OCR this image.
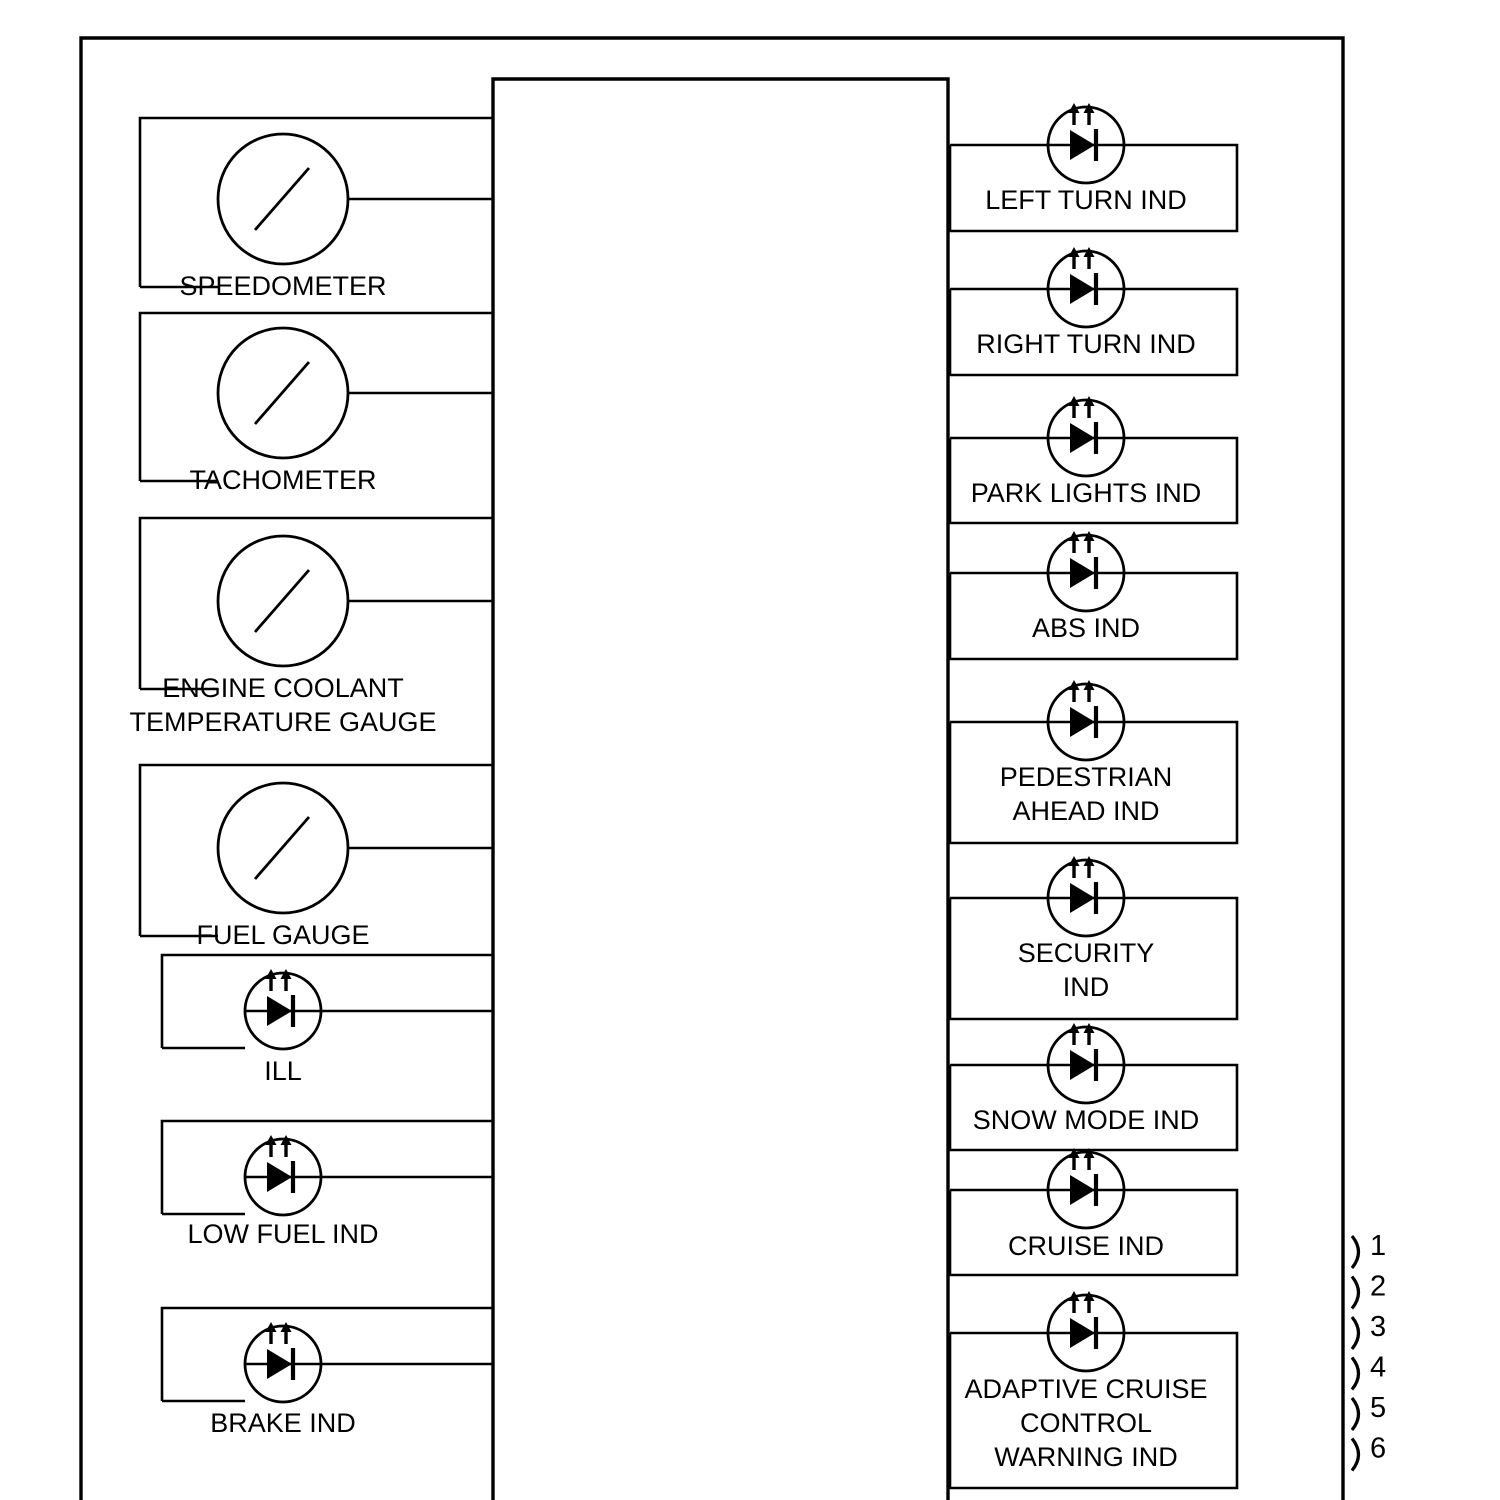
SPEEDOMETER
TACHOMETER
ENGINE COOLANT
TEMPERATURE GAUGE
FUEL GAUGE
ILL
LOW FUEL IND
BRAKE IND
LEFT TURN IND
RIGHT TURN IND
PARK LIGHTS IND
ABS IND
PEDESTRIAN
AHEAD IND
SECURITY
IND
SNOW MODE IND
CRUISE IND
ADAPTIVE CRUISE
CONTROL
WARNING IND
1
2
3
4
5
6
